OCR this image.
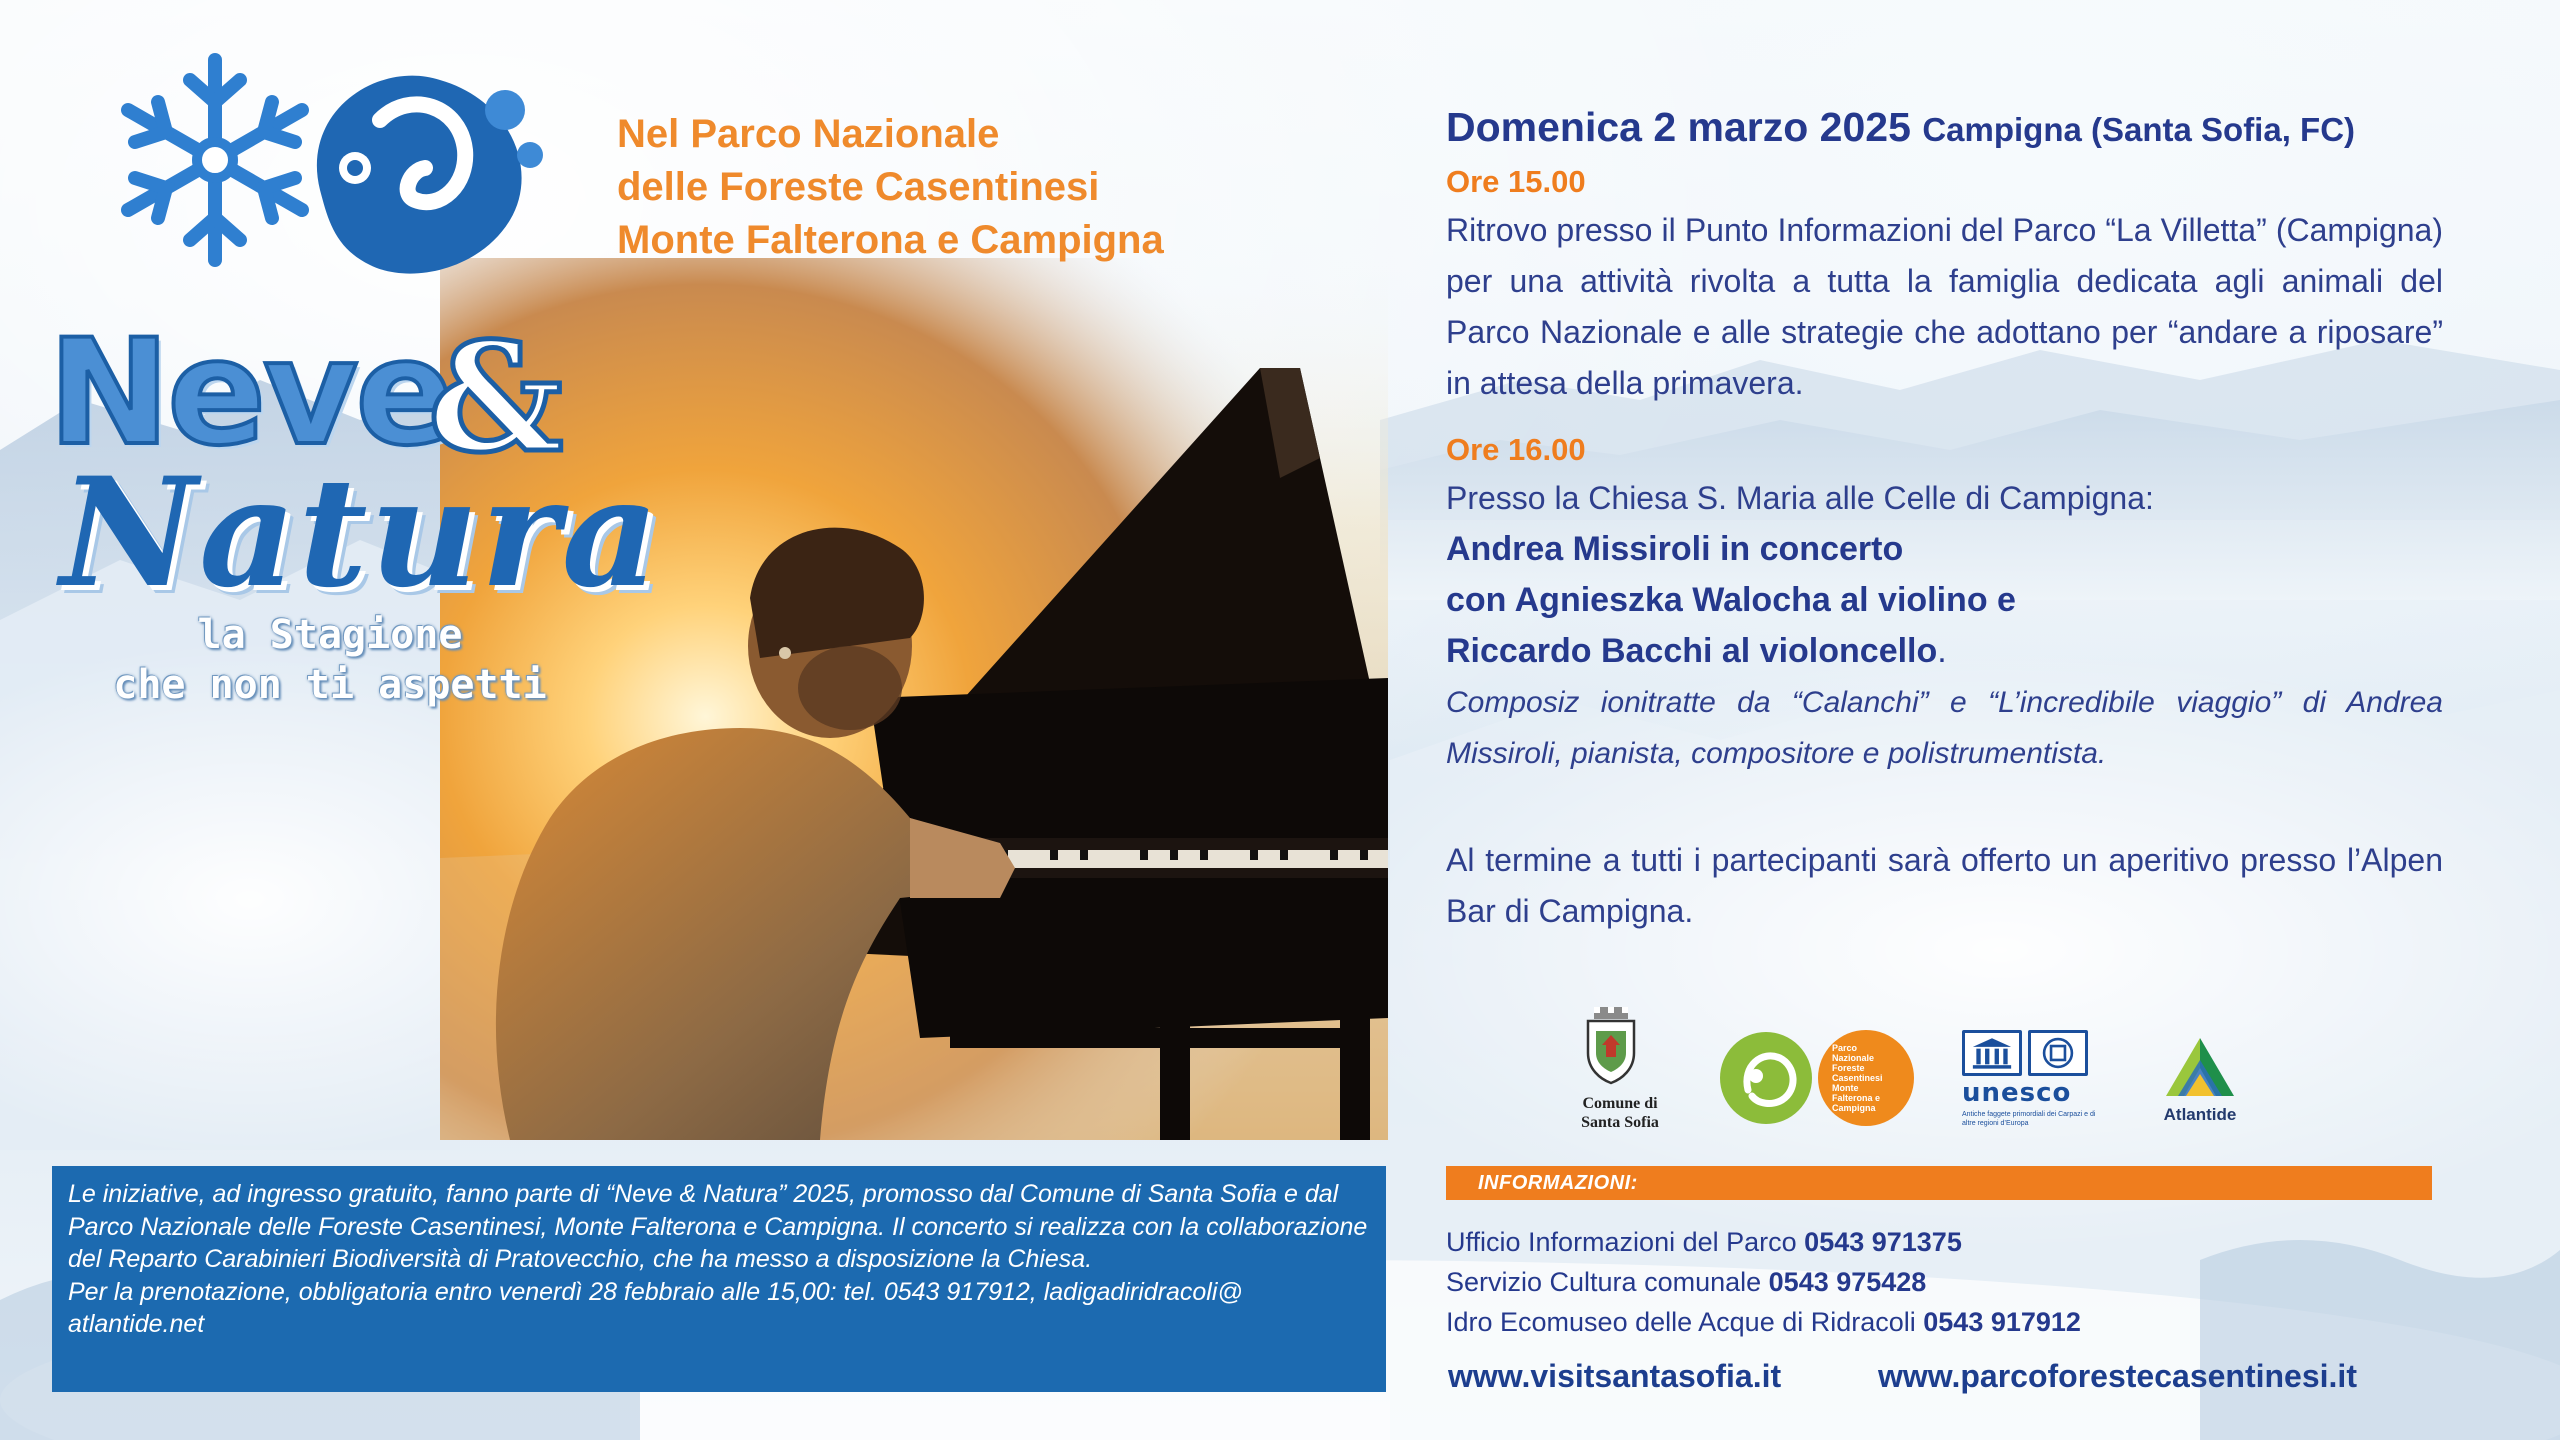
Neve
&
Natura
la Stagione
che non ti aspetti
Nel Parco Nazionale
delle Foreste Casentinesi
Monte Falterona e Campigna
Domenica 2 marzo 2025 Campigna (Santa Sofia, FC)
Ore 15.00
Ritrovo presso il Punto Informazioni del Parco “La Villetta” (Campigna) per una attività rivolta a tutta la famiglia dedicata agli animali del Parco Nazionale e alle strategie che adottano per “andare a riposare” in attesa della primavera.
Ore 16.00
Presso la Chiesa S. Maria alle Celle di Campigna:
Andrea Missiroli in concerto
con Agnieszka Walocha al violino e
Riccardo Bacchi al violoncello.
Composiz ionitratte da “Calanchi” e “L’incredibile viaggio” di Andrea Missiroli, pianista, compositore e polistrumentista.
Al termine a tutti i partecipanti sarà offerto un aperitivo presso l’Alpen Bar di Campigna.
Comune di
Santa Sofia
Parco Nazionale Foreste Casentinesi Monte Falterona e Campigna	unesco
Antiche faggete primordiali dei Carpazi e di altre regioni d’Europa	Atlantide
INFORMAZIONI:
Ufficio Informazioni del Parco 0543 971375
Servizio Cultura comunale 0543 975428
Idro Ecomuseo delle Acque di Ridracoli 0543 917912
www.visitsantasofia.it	www.parcoforestecasentinesi.it
Le iniziative, ad ingresso gratuito, fanno parte di “Neve & Natura” 2025, promosso dal Comune di Santa Sofia e dal Parco Nazionale delle Foreste Casentinesi, Monte Falterona e Campigna. Il concerto si realizza con la collaborazione del Reparto Carabinieri Biodiversità di Pratovecchio, che ha messo a disposizione la Chiesa.
Per la prenotazione, obbligatoria entro venerdì 28 febbraio alle 15,00: tel. 0543 917912, ladigadiridracoli@ atlantide.net
